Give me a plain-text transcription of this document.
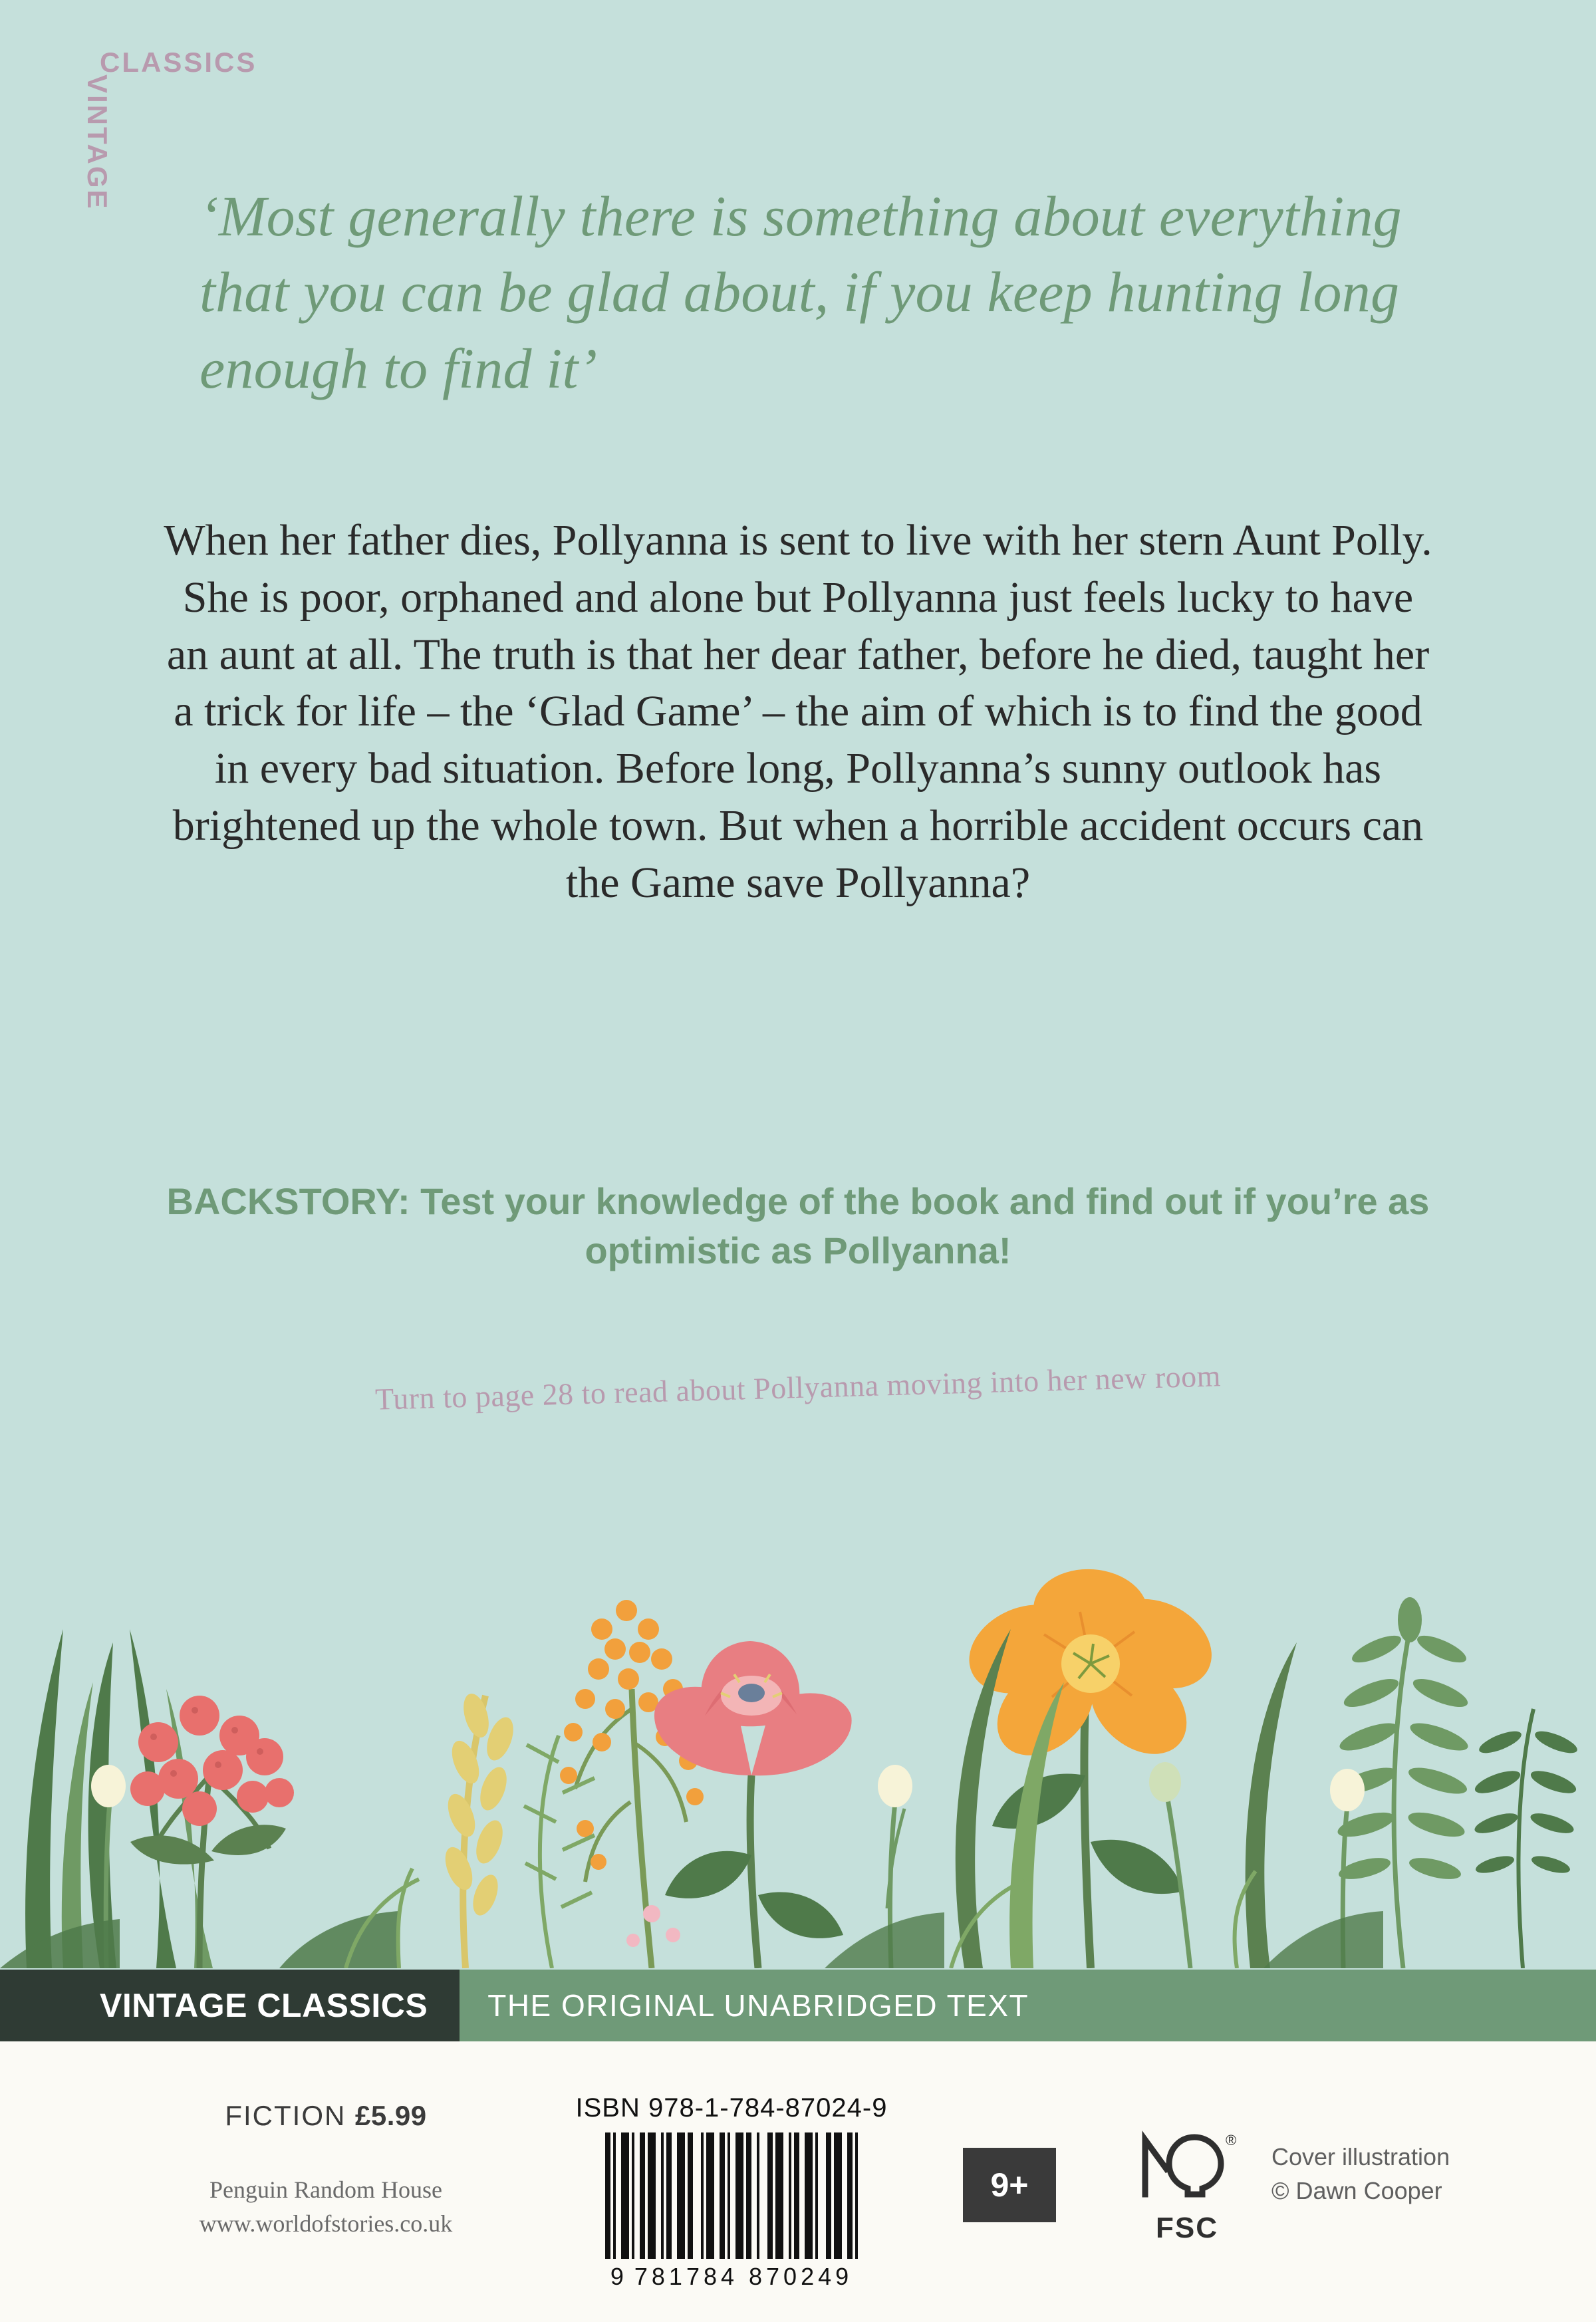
VINTAGE
CLASSICS
‘Most generally there is something about everything that you can be glad about, if you keep hunting long enough to find it’
When her father dies, Pollyanna is sent to live with her stern Aunt Polly. She is poor, orphaned and alone but Pollyanna just feels lucky to have an aunt at all. The truth is that her dear father, before he died, taught her a trick for life – the ‘Glad Game’ – the aim of which is to find the good in every bad situation. Before long, Pollyanna’s sunny outlook has brightened up the whole town. But when a horrible accident occurs can the Game save Pollyanna?
BACKSTORY: Test your knowledge of the book and find out if you’re as optimistic as Pollyanna!
Turn to page 28 to read about Pollyanna moving into her new room
VINTAGE CLASSICS	THE ORIGINAL UNABRIDGED TEXT
FICTION £5.99
Penguin Random House
www.worldofstories.co.uk
ISBN 978-1-784-87024-9
9 781784 870249
9+
®
FSC
Cover illustration
© Dawn Cooper
